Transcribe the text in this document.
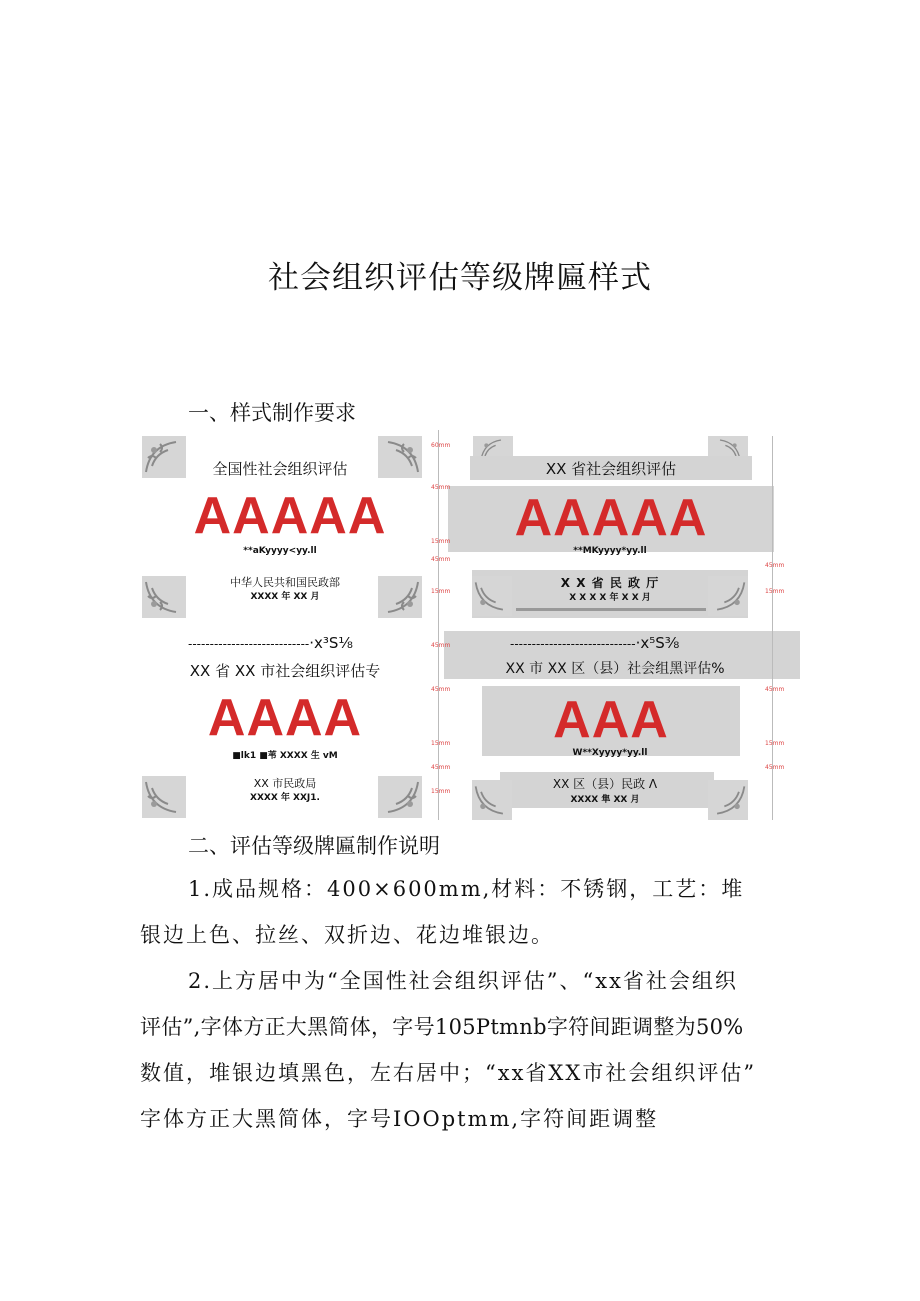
社会组织评估等级牌匾样式
一、样式制作要求
全国性社会组织评估
AAAAA
**aKyyyy<yy.ll
中华人民共和国民政部
XXXX 年 XX 月
XX 省社会组织评估
AAAAA
**MKyyyy*yy.ll
X X 省 民 政 厅
X X X X 年 X X 月
----------------------------·x³S⅛
XX 省 XX 市社会组织评估专
AAAA
■lk1 ■苇 XXXX 生 vM
XX 市民政局
XXXX 年 XXJ1.
-----------------------------·x⁵S⅜
XX 市 XX 区（县）社会组黑评估%
AAA
W**Xyyyy*yy.ll
XX 区（县）民政 Λ
XXXX 隼 XX 月
60mm
45mm
15mm
45mm
15mm
45mm
45mm
15mm
45mm
15mm
45mm
15mm
45mm
15mm
45mm
二、评估等级牌匾制作说明

1.成品规格：400×600mm,材料：不锈钢，工艺：堆

银边上色、拉丝、双折边、花边堆银边。

2.上方居中为“全国性社会组织评估”、“xx省社会组织

评估”,字体方正大黑简体，字号105Ptmnb字符间距调整为50%

数值，堆银边填黑色，左右居中；“xx省XX市社会组织评估”

字体方正大黑简体，字号IOOptmm,字符间距调整
